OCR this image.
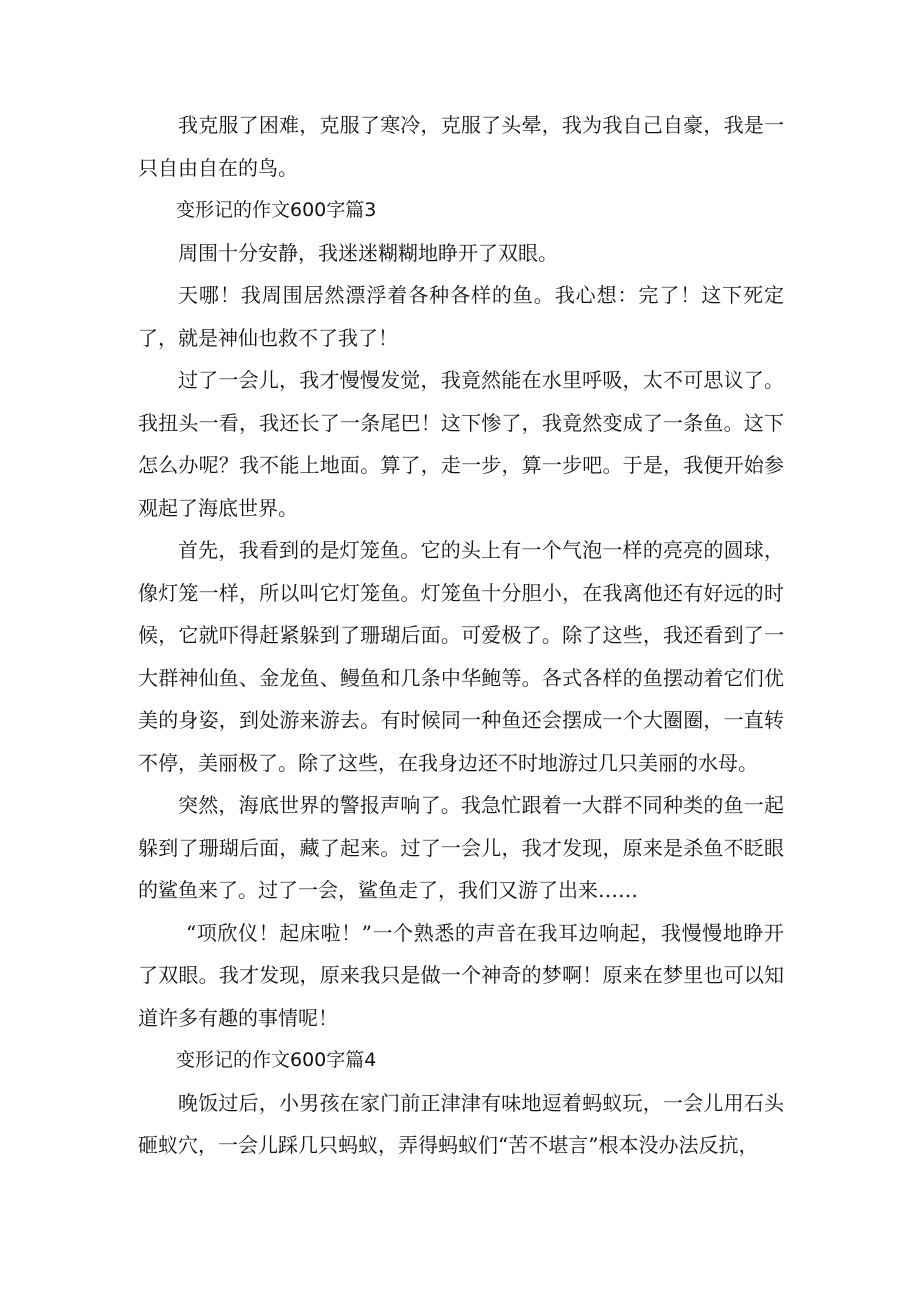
我克服了困难，克服了寒冷，克服了头晕，我为我自己自豪，我是一只自由自在的鸟。

变形记的作文600字篇3

周围十分安静，我迷迷糊糊地睁开了双眼。

天哪！我周围居然漂浮着各种各样的鱼。我心想：完了！这下死定了，就是神仙也救不了我了！

过了一会儿，我才慢慢发觉，我竟然能在水里呼吸，太不可思议了。我扭头一看，我还长了一条尾巴！这下惨了，我竟然变成了一条鱼。这下怎么办呢？我不能上地面。算了，走一步，算一步吧。于是，我便开始参观起了海底世界。

首先，我看到的是灯笼鱼。它的头上有一个气泡一样的亮亮的圆球，像灯笼一样，所以叫它灯笼鱼。灯笼鱼十分胆小，在我离他还有好远的时候，它就吓得赶紧躲到了珊瑚后面。可爱极了。除了这些，我还看到了一大群神仙鱼、金龙鱼、鳗鱼和几条中华鲍等。各式各样的鱼摆动着它们优美的身姿，到处游来游去。有时候同一种鱼还会摆成一个大圈圈，一直转不停，美丽极了。除了这些，在我身边还不时地游过几只美丽的水母。

突然，海底世界的警报声响了。我急忙跟着一大群不同种类的鱼一起躲到了珊瑚后面，藏了起来。过了一会儿，我才发现，原来是杀鱼不眨眼的鲨鱼来了。过了一会，鲨鱼走了，我们又游了出来……

“项欣仪！起床啦！”一个熟悉的声音在我耳边响起，我慢慢地睁开了双眼。我才发现，原来我只是做一个神奇的梦啊！原来在梦里也可以知道许多有趣的事情呢！

变形记的作文600字篇4

晚饭过后，小男孩在家门前正津津有味地逗着蚂蚁玩，一会儿用石头砸蚁穴，一会儿踩几只蚂蚁，弄得蚂蚁们“苦不堪言”根本没办法反抗，
